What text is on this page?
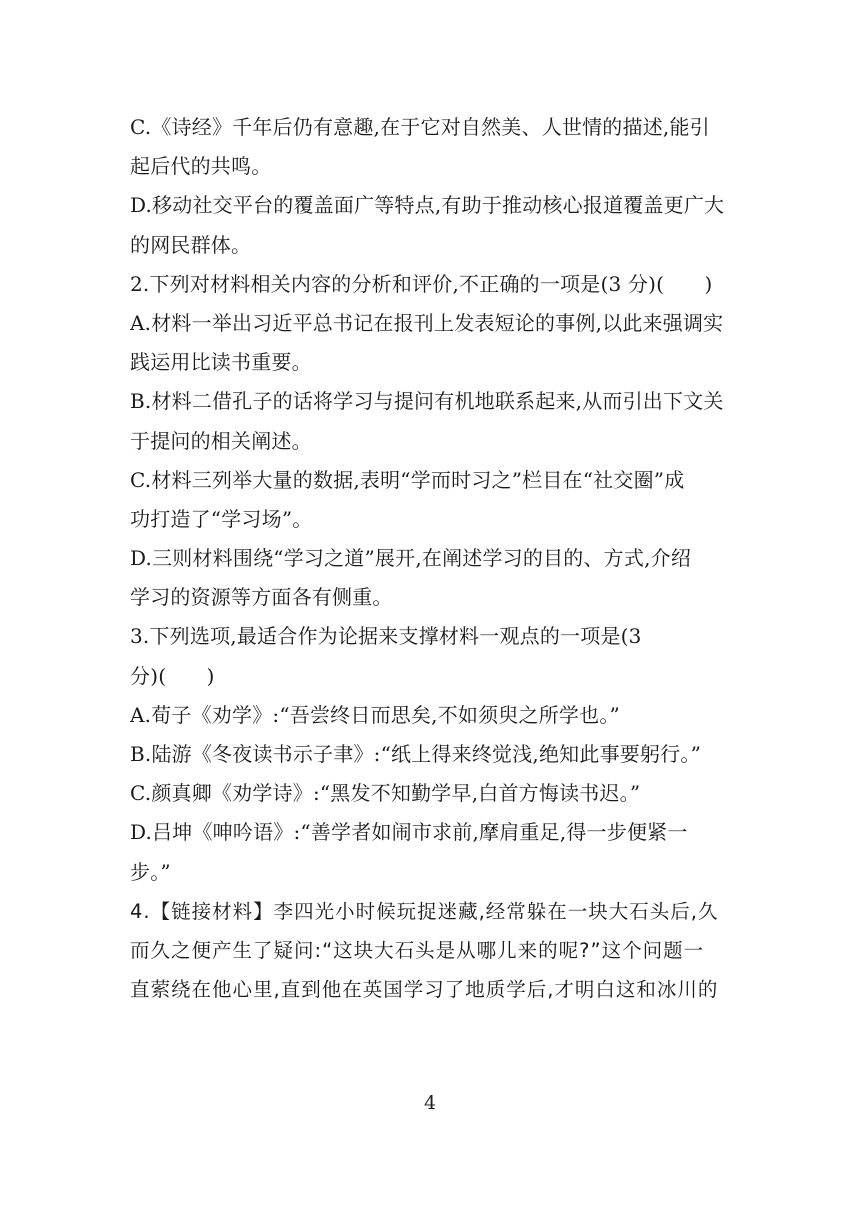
C.《诗经》千年后仍有意趣,在于它对自然美、人世情的描述,能引
起后代的共鸣。
D.移动社交平台的覆盖面广等特点,有助于推动核心报道覆盖更广大
的网民群体。
2.下列对材料相关内容的分析和评价,不正确的一项是(3 分)(　　)
A.材料一举出习近平总书记在报刊上发表短论的事例,以此来强调实
践运用比读书重要。
B.材料二借孔子的话将学习与提问有机地联系起来,从而引出下文关
于提问的相关阐述。
C.材料三列举大量的数据,表明“学而时习之”栏目在“社交圈”成
功打造了“学习场”。
D.三则材料围绕“学习之道”展开,在阐述学习的目的、方式,介绍
学习的资源等方面各有侧重。
3.下列选项,最适合作为论据来支撑材料一观点的一项是(3
分)(　　)
A.荀子《劝学》:“吾尝终日而思矣,不如须臾之所学也。”
B.陆游《冬夜读书示子聿》:“纸上得来终觉浅,绝知此事要躬行。”
C.颜真卿《劝学诗》:“黑发不知勤学早,白首方悔读书迟。”
D.吕坤《呻吟语》:“善学者如闹市求前,摩肩重足,得一步便紧一
步。”
4.【链接材料】李四光小时候玩捉迷藏,经常躲在一块大石头后,久
而久之便产生了疑问:“这块大石头是从哪儿来的呢?”这个问题一
直萦绕在他心里,直到他在英国学习了地质学后,才明白这和冰川的
4
